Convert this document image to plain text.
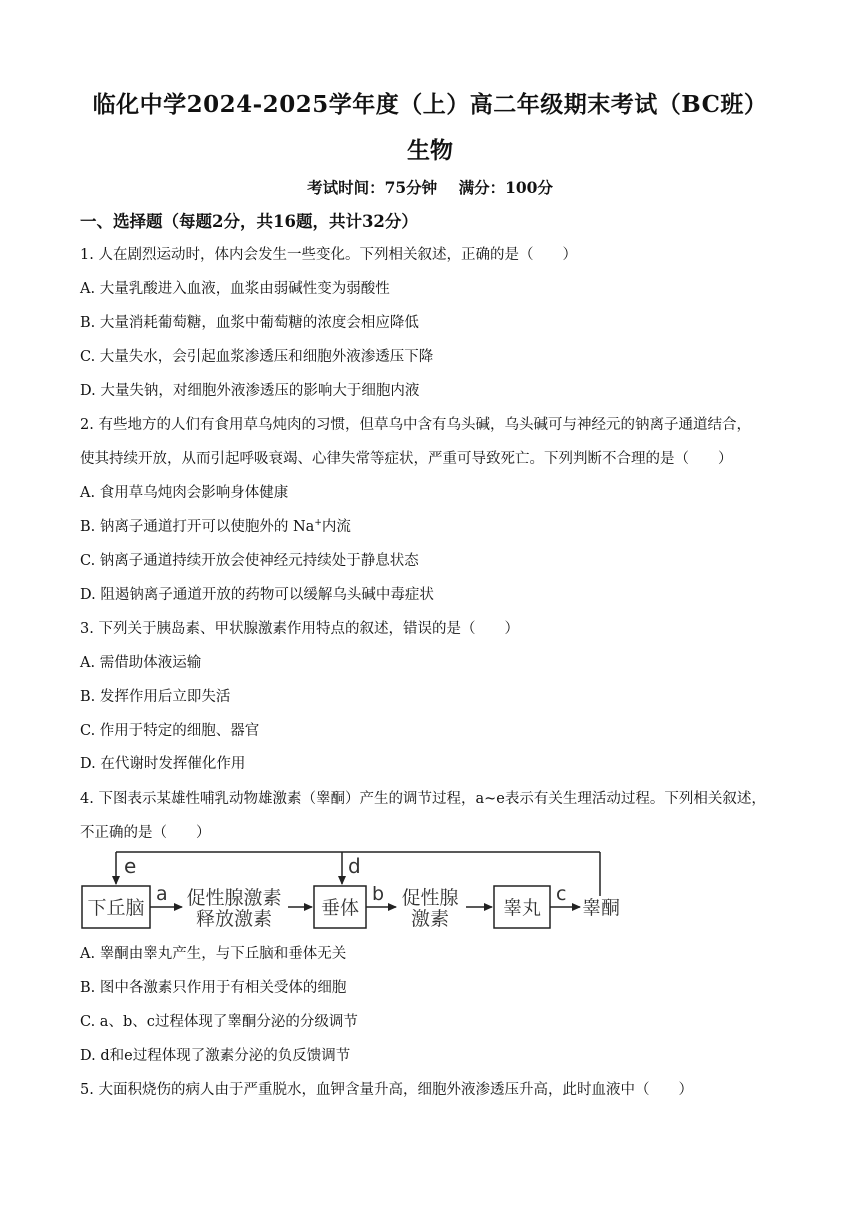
临化中学2024-2025学年度（上）高二年级期末考试（BC班）
生物
考试时间：75分钟 满分：100分
一、选择题（每题2分，共16题，共计32分）
1. 人在剧烈运动时，体内会发生一些变化。下列相关叙述，正确的是（　　）
A. 大量乳酸进入血液，血浆由弱碱性变为弱酸性
B. 大量消耗葡萄糖，血浆中葡萄糖的浓度会相应降低
C. 大量失水，会引起血浆渗透压和细胞外液渗透压下降
D. 大量失钠，对细胞外液渗透压的影响大于细胞内液
2. 有些地方的人们有食用草乌炖肉的习惯，但草乌中含有乌头碱，乌头碱可与神经元的钠离子通道结合，
使其持续开放，从而引起呼吸衰竭、心律失常等症状，严重可导致死亡。下列判断不合理的是（　　）
A. 食用草乌炖肉会影响身体健康
B. 钠离子通道打开可以使胞外的 Na+内流
C. 钠离子通道持续开放会使神经元持续处于静息状态
D. 阻遏钠离子通道开放的药物可以缓解乌头碱中毒症状
3. 下列关于胰岛素、甲状腺激素作用特点的叙述，错误的是（　　）
A. 需借助体液运输
B. 发挥作用后立即失活
C. 作用于特定的细胞、器官
D. 在代谢时发挥催化作用
4. 下图表示某雄性哺乳动物雄激素（睾酮）产生的调节过程，a~e表示有关生理活动过程。下列相关叙述，
不正确的是（　　）
e	d
下丘脑	垂体	睾丸
a 促性腺激素
释放激素
b 促性腺
激素
c
睾酮
A. 睾酮由睾丸产生，与下丘脑和垂体无关
B. 图中各激素只作用于有相关受体的细胞
C. a、b、c过程体现了睾酮分泌的分级调节
D. d和e过程体现了激素分泌的负反馈调节
5. 大面积烧伤的病人由于严重脱水，血钾含量升高，细胞外液渗透压升高，此时血液中（　　）
